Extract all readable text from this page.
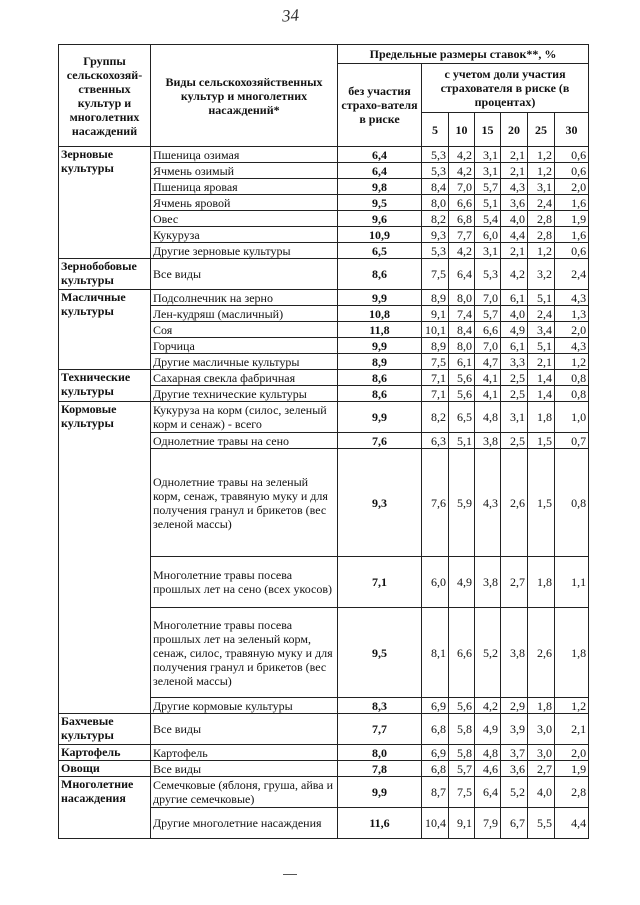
34
Группы сельскохозяй-ственных культур и многолетних насаждений	Виды сельскохозяйственных культур и многолетних насаждений*	Предельные размеры ставок**, %						
		без участия страхо-вателя в риске	с учетом доли участия страхователя в риске (в процентах)					
			5	10	15	20	25	30
Зерновые культуры	Пшеница озимая	6,4	5,3	4,2	3,1	2,1	1,2	0,6
	Ячмень озимый	6,4	5,3	4,2	3,1	2,1	1,2	0,6
	Пшеница яровая	9,8	8,4	7,0	5,7	4,3	3,1	2,0
	Ячмень яровой	9,5	8,0	6,6	5,1	3,6	2,4	1,6
	Овес	9,6	8,2	6,8	5,4	4,0	2,8	1,9
	Кукуруза	10,9	9,3	7,7	6,0	4,4	2,8	1,6
	Другие зерновые культуры	6,5	5,3	4,2	3,1	2,1	1,2	0,6
Зернобобовые культуры	Все виды	8,6	7,5	6,4	5,3	4,2	3,2	2,4
Масличные культуры	Подсолнечник на зерно	9,9	8,9	8,0	7,0	6,1	5,1	4,3
	Лен-кудряш (масличный)	10,8	9,1	7,4	5,7	4,0	2,4	1,3
	Соя	11,8	10,1	8,4	6,6	4,9	3,4	2,0
	Горчица	9,9	8,9	8,0	7,0	6,1	5,1	4,3
	Другие масличные культуры	8,9	7,5	6,1	4,7	3,3	2,1	1,2
Технические культуры	Сахарная свекла фабричная	8,6	7,1	5,6	4,1	2,5	1,4	0,8
	Другие технические культуры	8,6	7,1	5,6	4,1	2,5	1,4	0,8
Кормовые культуры	Кукуруза на корм (силос, зеленый корм и сенаж) - всего	9,9	8,2	6,5	4,8	3,1	1,8	1,0
	Однолетние травы на сено	7,6	6,3	5,1	3,8	2,5	1,5	0,7
	Однолетние травы на зеленый корм, сенаж, травяную муку и для получения гранул и брикетов (вес зеленой массы)	9,3	7,6	5,9	4,3	2,6	1,5	0,8
	Многолетние травы посева прошлых лет на сено (всех укосов)	7,1	6,0	4,9	3,8	2,7	1,8	1,1
	Многолетние травы посева прошлых лет на зеленый корм, сенаж, силос, травяную муку и для получения гранул и брикетов (вес зеленой массы)	9,5	8,1	6,6	5,2	3,8	2,6	1,8
	Другие кормовые культуры	8,3	6,9	5,6	4,2	2,9	1,8	1,2
Бахчевые культуры	Все виды	7,7	6,8	5,8	4,9	3,9	3,0	2,1
Картофель	Картофель	8,0	6,9	5,8	4,8	3,7	3,0	2,0
Овощи	Все виды	7,8	6,8	5,7	4,6	3,6	2,7	1,9
Многолетние насаждения	Семечковые (яблоня, груша, айва и другие семечковые)	9,9	8,7	7,5	6,4	5,2	4,0	2,8
	Другие многолетние насаждения	11,6	10,4	9,1	7,9	6,7	5,5	4,4
